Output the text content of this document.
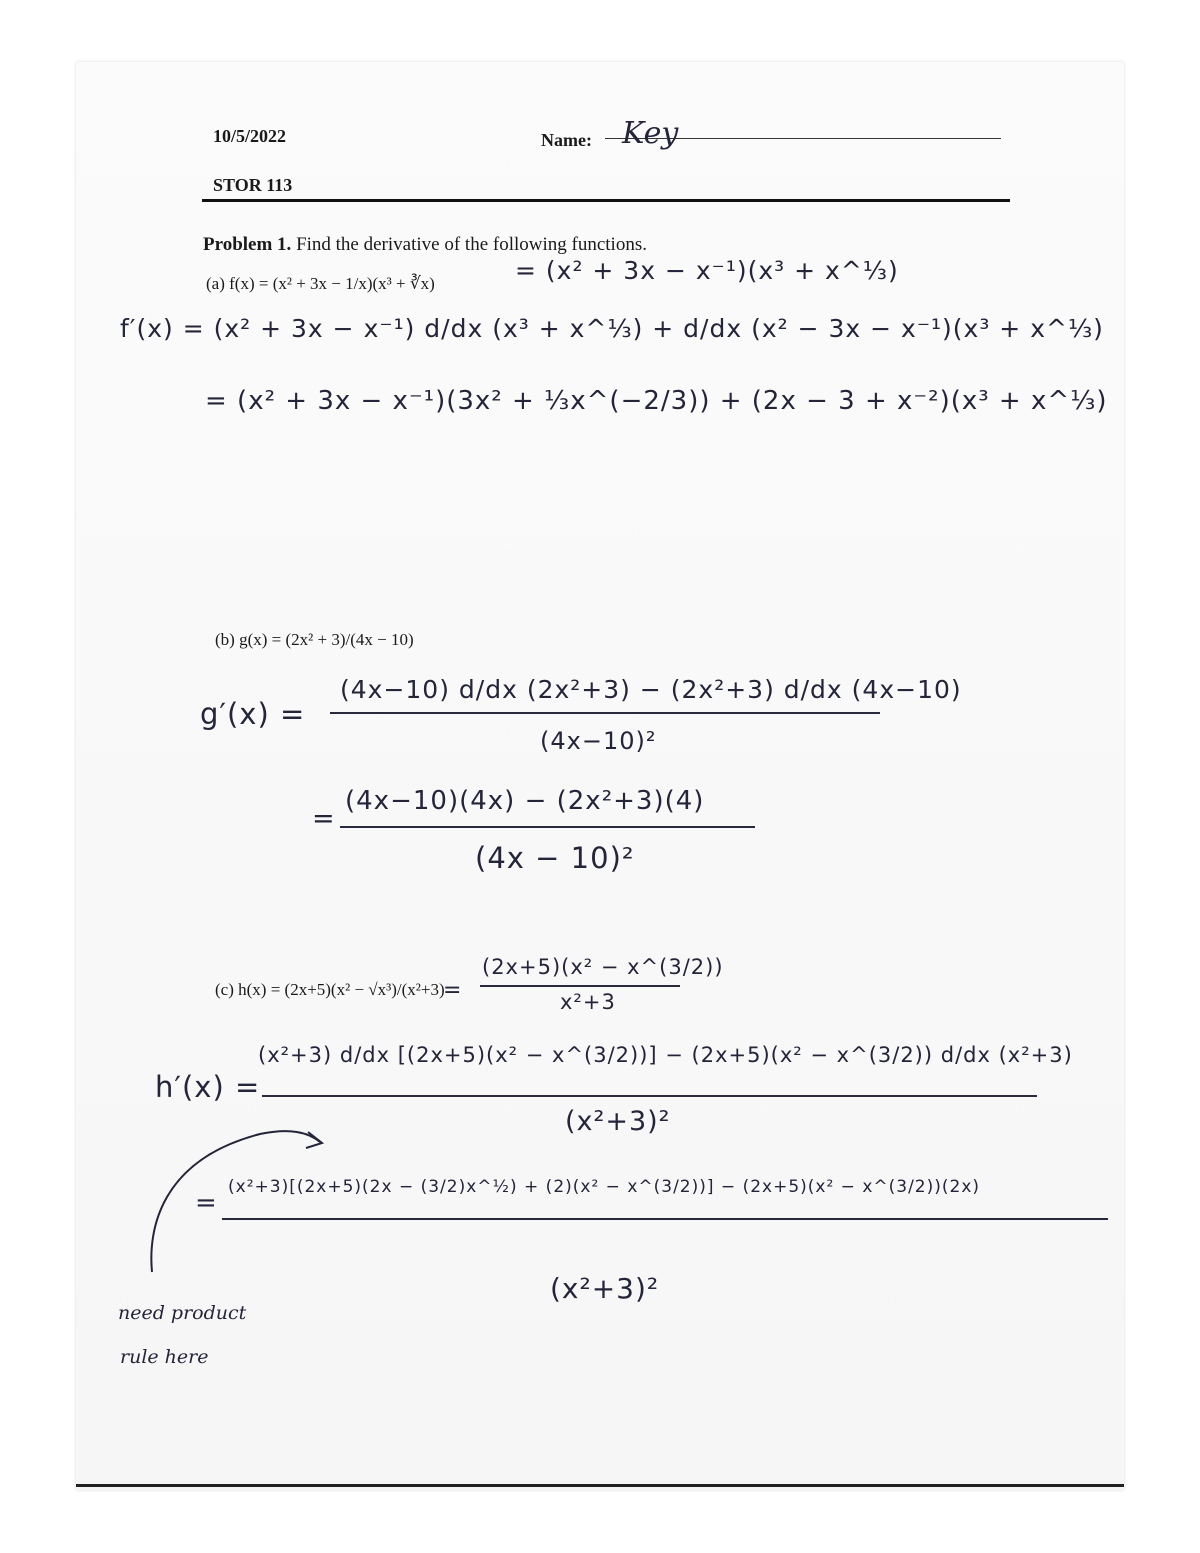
10/5/2022	Name: Key
STOR 113
Problem 1. Find the derivative of the following functions.
(a) f(x) = (x² + 3x − 1/x)(x³ + ∛x)	= (x² + 3x − x⁻¹)(x³ + x^⅓)
f′(x) = (x² + 3x − x⁻¹) d/dx (x³ + x^⅓) + d/dx (x² − 3x − x⁻¹)(x³ + x^⅓)
= (x² + 3x − x⁻¹)(3x² + ⅓x^(−2/3)) + (2x − 3 + x⁻²)(x³ + x^⅓)
(b) g(x) = (2x² + 3)/(4x − 10)
g′(x) =
(4x−10) d/dx (2x²+3) − (2x²+3) d/dx (4x−10)
(4x−10)²
=
(4x−10)(4x) − (2x²+3)(4)
(4x − 10)²
(c) h(x) = (2x+5)(x² − √x³)/(x²+3)
=
(2x+5)(x² − x^(3/2))
x²+3
h′(x) =
(x²+3) d/dx [(2x+5)(x² − x^(3/2))] − (2x+5)(x² − x^(3/2)) d/dx (x²+3)
(x²+3)²
=
(x²+3)[(2x+5)(2x − (3/2)x^½) + (2)(x² − x^(3/2))] − (2x+5)(x² − x^(3/2))(2x)
(x²+3)²
need product
rule here
